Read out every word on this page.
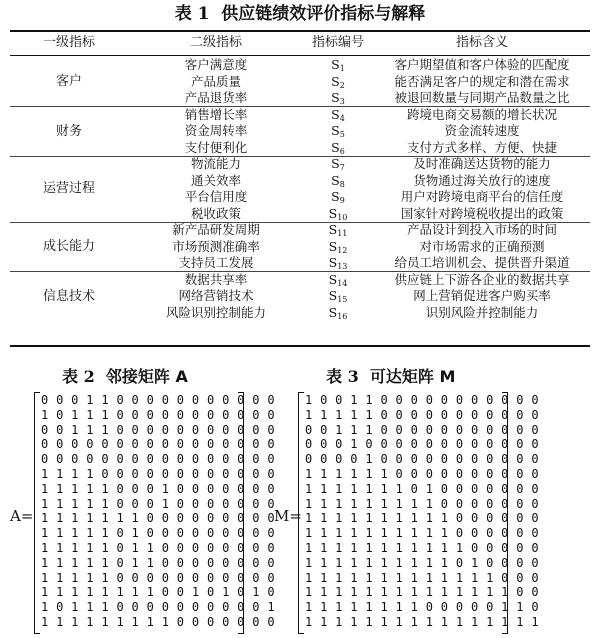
表 1 供应链绩效评价指标与解释
一级指标	二级指标	指标编号	指标含义
客户满意度	$S_1$	客户期望值和客户体验的匹配度
产品质量	$S_2$	能否满足客户的规定和潜在需求
产品退货率	$S_3$	被退回数量与同期产品数量之比
客户
销售增长率	$S_4$	跨境电商交易额的增长状况
资金周转率	$S_5$	资金流转速度
支付便利化	$S_6$	支付方式多样、方便、快捷
财务
物流能力	$S_7$	及时准确送达货物的能力
通关效率	$S_8$	货物通过海关放行的速度
平台信用度	$S_9$	用户对跨境电商平台的信任度
税收政策	$S_{10}$	国家针对跨境税收提出的政策
运营过程
新产品研发周期	$S_{11}$	产品设计到投入市场的时间
市场预测准确率	$S_{12}$	对市场需求的正确预测
支持员工发展	$S_{13}$	给员工培训机会、提供晋升渠道
成长能力
数据共享率	$S_{14}$	供应链上下游各企业的数据共享
网络营销技术	$S_{15}$	网上营销促进客户购买率
风险识别控制能力	$S_{16}$	识别风险并控制能力
信息技术
表 2 邻接矩阵 A	表 3 可达矩阵 M
A=	M=
0 0 0 1 1 0 0 0 0 0 0 0 0 0 0 0
1 0 1 1 1 0 0 0 0 0 0 0 0 0 0 0
0 0 1 1 1 0 0 0 0 0 0 0 0 0 0 0
0 0 0 0 0 0 0 0 0 0 0 0 0 0 0 0
0 0 0 0 0 0 0 0 0 0 0 0 0 0 0 0
1 1 1 1 0 0 0 0 0 0 0 0 0 0 0 0
1 1 1 1 1 0 0 0 1 0 0 0 0 0 0 0
1 1 1 1 1 0 0 0 1 0 0 0 0 0 0 0
1 1 1 1 1 1 1 0 0 0 0 0 0 0 0 0
1 1 1 1 1 0 1 0 0 0 0 0 0 0 0 0
1 1 1 1 1 0 1 1 0 0 0 0 0 0 0 0
1 1 1 1 1 0 1 1 0 0 0 0 0 0 0 0
1 1 1 1 1 0 0 0 0 0 0 0 0 0 0 0
1 1 1 1 1 1 1 1 0 0 1 0 1 0 1 0
1 0 1 1 1 0 0 0 0 0 0 0 0 0 0 1
1 1 1 1 1 1 1 1 1 0 0 0 0 0 0 0
1 0 0 1 1 0 0 0 0 0 0 0 0 0 0 0
1 1 1 1 1 0 0 0 0 0 0 0 0 0 0 0
0 0 1 1 1 0 0 0 0 0 0 0 0 0 0 0
0 0 0 1 0 0 0 0 0 0 0 0 0 0 0 0
0 0 0 0 1 0 0 0 0 0 0 0 0 0 0 0
1 1 1 1 1 1 0 0 0 0 0 0 0 0 0 0
1 1 1 1 1 1 1 0 1 0 0 0 0 0 0 0
1 1 1 1 1 1 1 1 1 0 0 0 0 0 0 0
1 1 1 1 1 1 1 1 1 1 0 0 0 0 0 0
1 1 1 1 1 1 1 1 1 1 0 0 0 0 0 0
1 1 1 1 1 1 1 1 1 1 1 0 0 0 0 0
1 1 1 1 1 1 1 1 1 1 0 1 0 0 0 0
1 1 1 1 1 1 1 1 1 1 1 1 1 0 0 0
1 1 1 1 1 1 1 1 1 1 1 1 1 1 0 0
1 1 1 1 1 1 1 1 0 0 0 0 0 1 1 0
1 1 1 1 1 1 1 1 1 1 1 1 1 1 1 1
